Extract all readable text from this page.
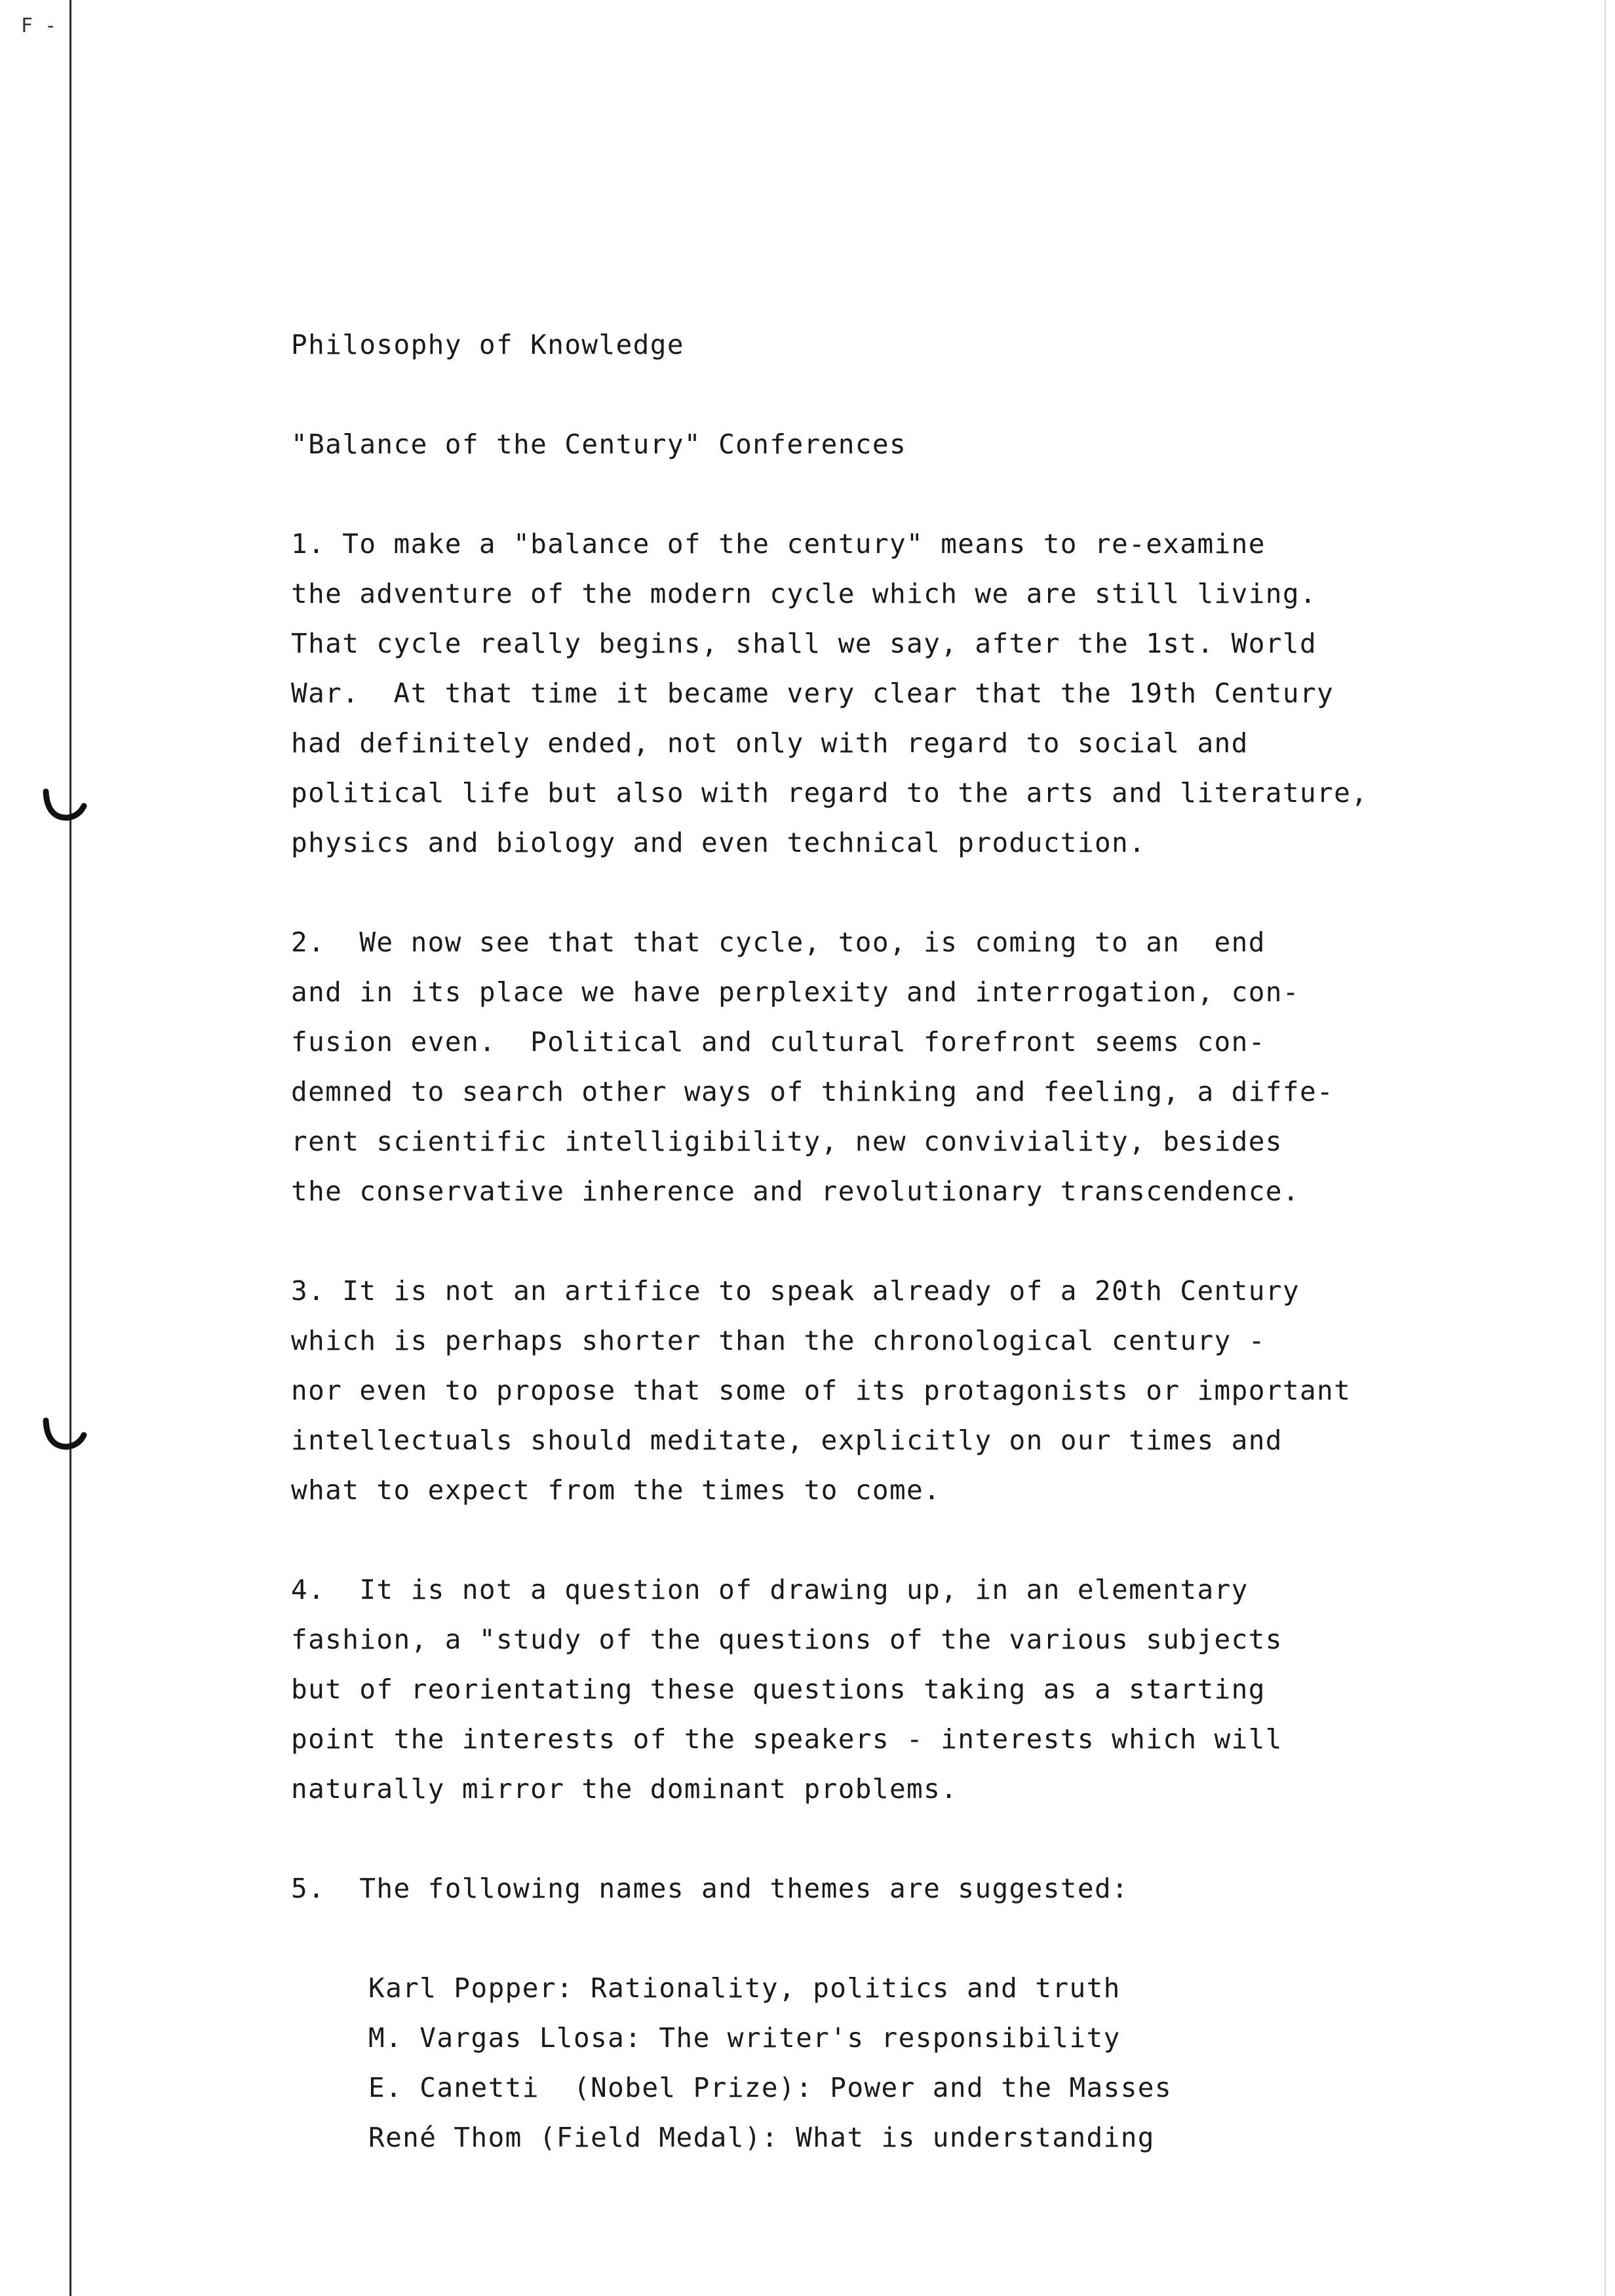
F -
Philosophy of Knowledge
"Balance of the Century" Conferences
1. To make a "balance of the century" means to re-examine
the adventure of the modern cycle which we are still living.
That cycle really begins, shall we say, after the 1st. World
War.  At that time it became very clear that the 19th Century
had definitely ended, not only with regard to social and
political life but also with regard to the arts and literature,
physics and biology and even technical production.
2.  We now see that that cycle, too, is coming to an  end
and in its place we have perplexity and interrogation, con-
fusion even.  Political and cultural forefront seems con-
demned to search other ways of thinking and feeling, a diffe-
rent scientific intelligibility, new conviviality, besides
the conservative inherence and revolutionary transcendence.
3. It is not an artifice to speak already of a 20th Century
which is perhaps shorter than the chronological century -
nor even to propose that some of its protagonists or important
intellectuals should meditate, explicitly on our times and
what to expect from the times to come.
4.  It is not a question of drawing up, in an elementary
fashion, a "study of the questions of the various subjects
but of reorientating these questions taking as a starting
point the interests of the speakers - interests which will
naturally mirror the dominant problems.
5.  The following names and themes are suggested:
Karl Popper: Rationality, politics and truth
M. Vargas Llosa: The writer's responsibility
E. Canetti  (Nobel Prize): Power and the Masses
René Thom (Field Medal): What is understanding
